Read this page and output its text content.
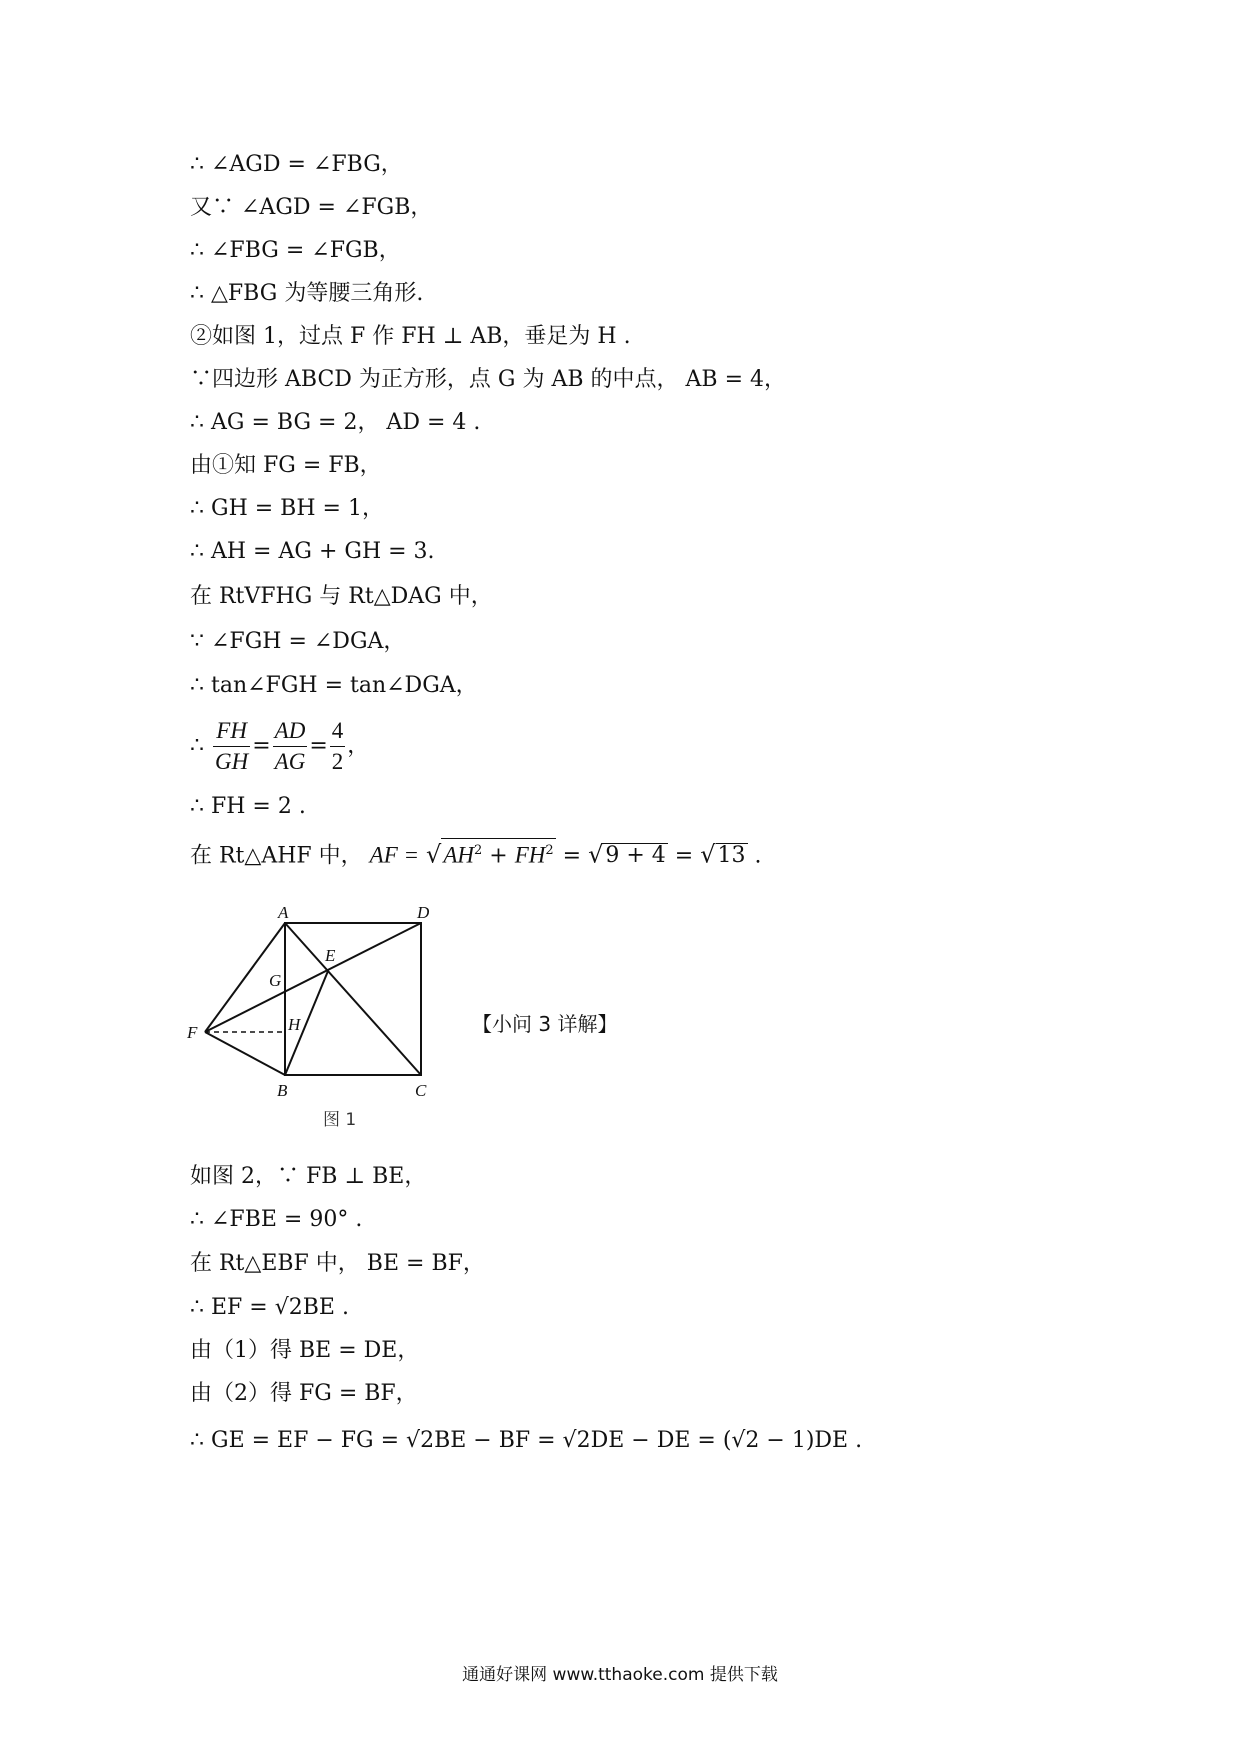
∴ ∠AGD = ∠FBG，
又∵ ∠AGD = ∠FGB，
∴ ∠FBG = ∠FGB，
∴ △FBG 为等腰三角形.
②如图 1，过点 F 作 FH ⊥ AB，垂足为 H .
∵四边形 ABCD 为正方形，点 G 为 AB 的中点， AB = 4，
∴ AG = BG = 2， AD = 4 .
由①知 FG = FB，
∴ GH = BH = 1，
∴ AH = AG + GH = 3.
在 RtVFHG 与 Rt△DAG 中，
∵ ∠FGH = ∠DGA，
∴ tan∠FGH = tan∠DGA，
∴ $\frac{FH}{GH} = \frac{AD}{AG} = \frac{4}{2}$ ，
∴ FH = 2 .
在 Rt△AHF 中， AF = $√AH^2 + FH^2 = √9 + 4 = √13$ .
A	D
E
G
F	H
B	C
图 1
【小问 3 详解】
如图 2，∵ FB ⊥ BE，
∴ ∠FBE = 90° .
在 Rt△EBF 中， BE = BF，
∴ EF = √2BE .
由（1）得 BE = DE，
由（2）得 FG = BF，
∴ GE = EF − FG = √2BE − BF = √2DE − DE = (√2 − 1)DE .
通通好课网 www.tthaoke.com 提供下载
